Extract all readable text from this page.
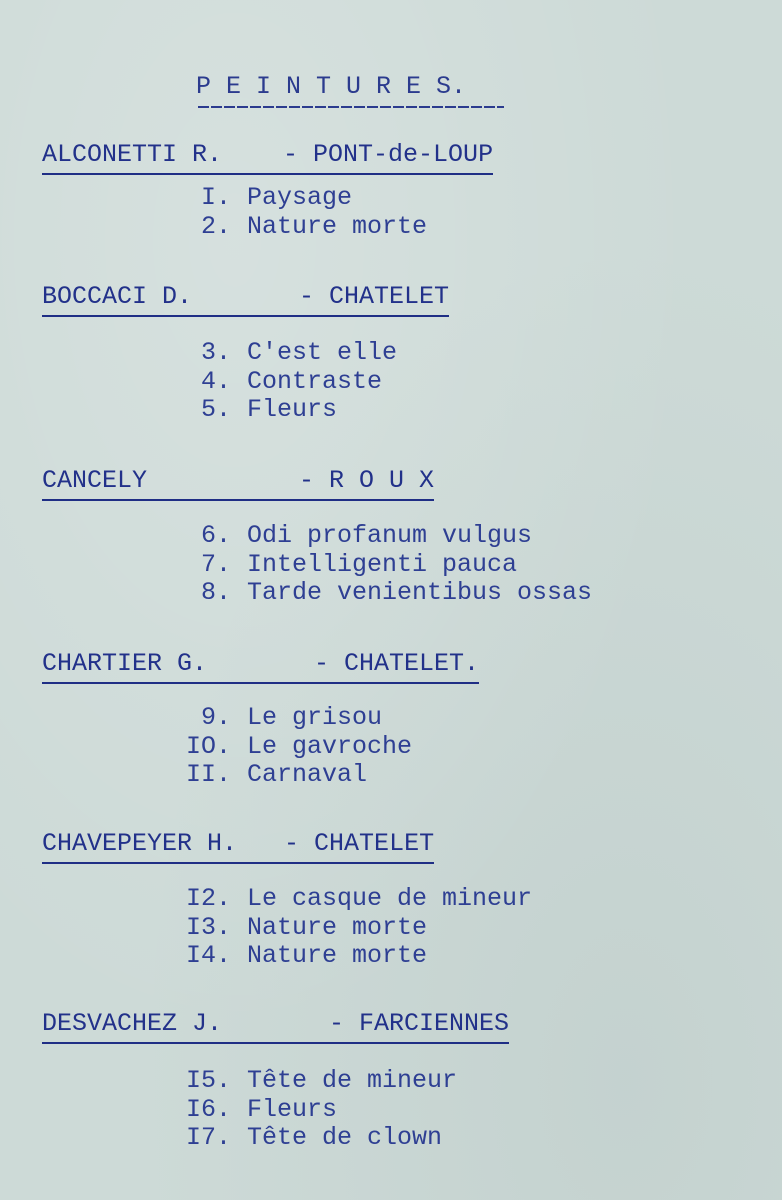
P E I N T U R E S.
ALCONETTI R. - PONT-de-LOUP
I. Paysage
2. Nature morte
BOCCACI D.	- CHATELET
3. C'est elle
4. Contraste
5. Fleurs
CANCELY	- R O U X
6. Odi profanum vulgus
7. Intelligenti pauca
8. Tarde venientibus ossas
CHARTIER G.	- CHATELET.
9. Le grisou
IO. Le gavroche
II. Carnaval
CHAVEPEYER H. - CHATELET
I2. Le casque de mineur
I3. Nature morte
I4. Nature morte
DESVACHEZ J.	- FARCIENNES
I5. Tête de mineur
I6. Fleurs
I7. Tête de clown
